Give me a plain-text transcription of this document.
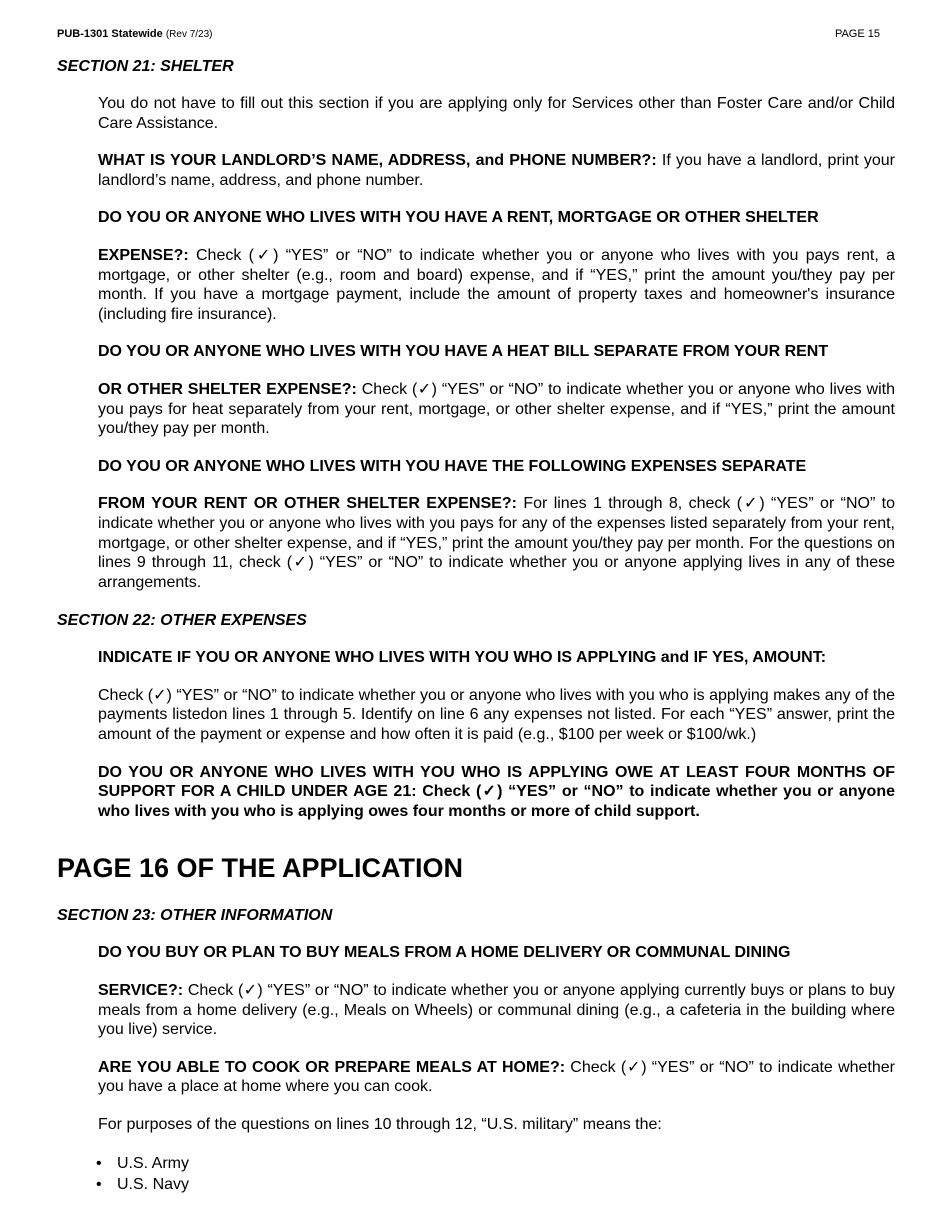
PUB-1301 Statewide (Rev 7/23)	PAGE 15
SECTION 21: SHELTER

You do not have to fill out this section if you are applying only for Services other than Foster Care and/or Child Care Assistance.

WHAT IS YOUR LANDLORD’S NAME, ADDRESS, and PHONE NUMBER?: If you have a landlord, print your landlord’s name, address, and phone number.

DO YOU OR ANYONE WHO LIVES WITH YOU HAVE A RENT, MORTGAGE OR OTHER SHELTER

EXPENSE?: Check (✓) “YES” or “NO” to indicate whether you or anyone who lives with you pays rent, a mortgage, or other shelter (e.g., room and board) expense, and if “YES,” print the amount you/they pay per month. If you have a mortgage payment, include the amount of property taxes and homeowner's insurance (including fire insurance).

DO YOU OR ANYONE WHO LIVES WITH YOU HAVE A HEAT BILL SEPARATE FROM YOUR RENT

OR OTHER SHELTER EXPENSE?: Check (✓) “YES” or “NO” to indicate whether you or anyone who lives with you pays for heat separately from your rent, mortgage, or other shelter expense, and if “YES,” print the amount you/they pay per month.

DO YOU OR ANYONE WHO LIVES WITH YOU HAVE THE FOLLOWING EXPENSES SEPARATE

FROM YOUR RENT OR OTHER SHELTER EXPENSE?: For lines 1 through 8, check (✓) “YES” or “NO” to indicate whether you or anyone who lives with you pays for any of the expenses listed separately from your rent, mortgage, or other shelter expense, and if “YES,” print the amount you/they pay per month. For the questions on lines 9 through 11, check (✓) “YES” or “NO” to indicate whether you or anyone applying lives in any of these arrangements.

SECTION 22: OTHER EXPENSES

INDICATE IF YOU OR ANYONE WHO LIVES WITH YOU WHO IS APPLYING and IF YES, AMOUNT:

Check (✓) “YES” or “NO” to indicate whether you or anyone who lives with you who is applying makes any of the payments listedon lines 1 through 5. Identify on line 6 any expenses not listed. For each “YES” answer, print the amount of the payment or expense and how often it is paid (e.g., $100 per week or $100/wk.)

DO YOU OR ANYONE WHO LIVES WITH YOU WHO IS APPLYING OWE AT LEAST FOUR MONTHS OF SUPPORT FOR A CHILD UNDER AGE 21: Check (✓) “YES” or “NO” to indicate whether you or anyone who lives with you who is applying owes four months or more of child support.

PAGE 16 OF THE APPLICATION
SECTION 23: OTHER INFORMATION

DO YOU BUY OR PLAN TO BUY MEALS FROM A HOME DELIVERY OR COMMUNAL DINING

SERVICE?: Check (✓) “YES” or “NO” to indicate whether you or anyone applying currently buys or plans to buy meals from a home delivery (e.g., Meals on Wheels) or communal dining (e.g., a cafeteria in the building where you live) service.

ARE YOU ABLE TO COOK OR PREPARE MEALS AT HOME?: Check (✓) “YES” or “NO” to indicate whether you have a place at home where you can cook.

For purposes of the questions on lines 10 through 12, “U.S. military” means the:

• U.S. Army
• U.S. Navy
